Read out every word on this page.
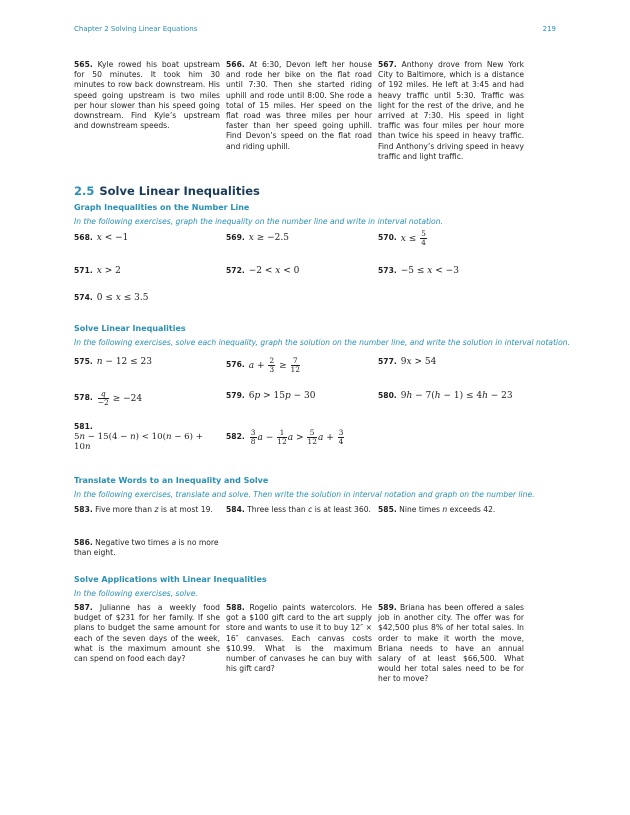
Chapter 2 Solving Linear Equations	219
565. Kyle rowed his boat upstream for 50 minutes. It took him 30 minutes to row back downstream. His speed going upstream is two miles per hour slower than his speed going downstream. Find Kyle’s upstream and downstream speeds.
566. At 6:30, Devon left her house and rode her bike on the flat road until 7:30. Then she started riding uphill and rode until 8:00. She rode a total of 15 miles. Her speed on the flat road was three miles per hour faster than her speed going uphill. Find Devon’s speed on the flat road and riding uphill.
567. Anthony drove from New York City to Baltimore, which is a distance of 192 miles. He left at 3:45 and had heavy traffic until 5:30. Traffic was light for the rest of the drive, and he arrived at 7:30. His speed in light traffic was four miles per hour more than twice his speed in heavy traffic. Find Anthony’s driving speed in heavy traffic and light traffic.
2.5 Solve Linear Inequalities
Graph Inequalities on the Number Line
In the following exercises, graph the inequality on the number line and write in interval notation.
568. x < −1	569. x ≥ −2.5	570. $x \le \frac{5}{4}$
571. x > 2	572. −2 < x < 0	573. −5 ≤ x < −3
574. 0 ≤ x ≤ 3.5
Solve Linear Inequalities
In the following exercises, solve each inequality, graph the solution on the number line, and write the solution in interval notation.
575. n − 12 ≤ 23	576. $a + \frac{2}{3} \ge \frac{7}{12}$	577. 9x > 54
578. $\frac{q}{-2} \ge -24$	579. 6p > 15p − 30	580. 9h − 7(h − 1) ≤ 4h − 23
581.
5n − 15(4 − n) < 10(n − 6) + 10n
582. $\frac{3}{8}$ $a - \frac{1}{12}$ $a > \frac{5}{12}$ $a + \frac{3}{4}$
Translate Words to an Inequality and Solve
In the following exercises, translate and solve. Then write the solution in interval notation and graph on the number line.
583. Five more than z is at most 19.	584. Three less than c is at least 360. 585. Nine times n exceeds 42.
586. Negative two times a is no more than eight.
Solve Applications with Linear Inequalities
In the following exercises, solve.
587. Julianne has a weekly food budget of $231 for her family. If she plans to budget the same amount for each of the seven days of the week, what is the maximum amount she can spend on food each day?
588. Rogelio paints watercolors. He got a $100 gift card to the art supply store and wants to use it to buy 12″ × 16″ canvases. Each canvas costs $10.99. What is the maximum number of canvases he can buy with his gift card?
589. Briana has been offered a sales job in another city. The offer was for $42,500 plus 8% of her total sales. In order to make it worth the move, Briana needs to have an annual salary of at least $66,500. What would her total sales need to be for her to move?
